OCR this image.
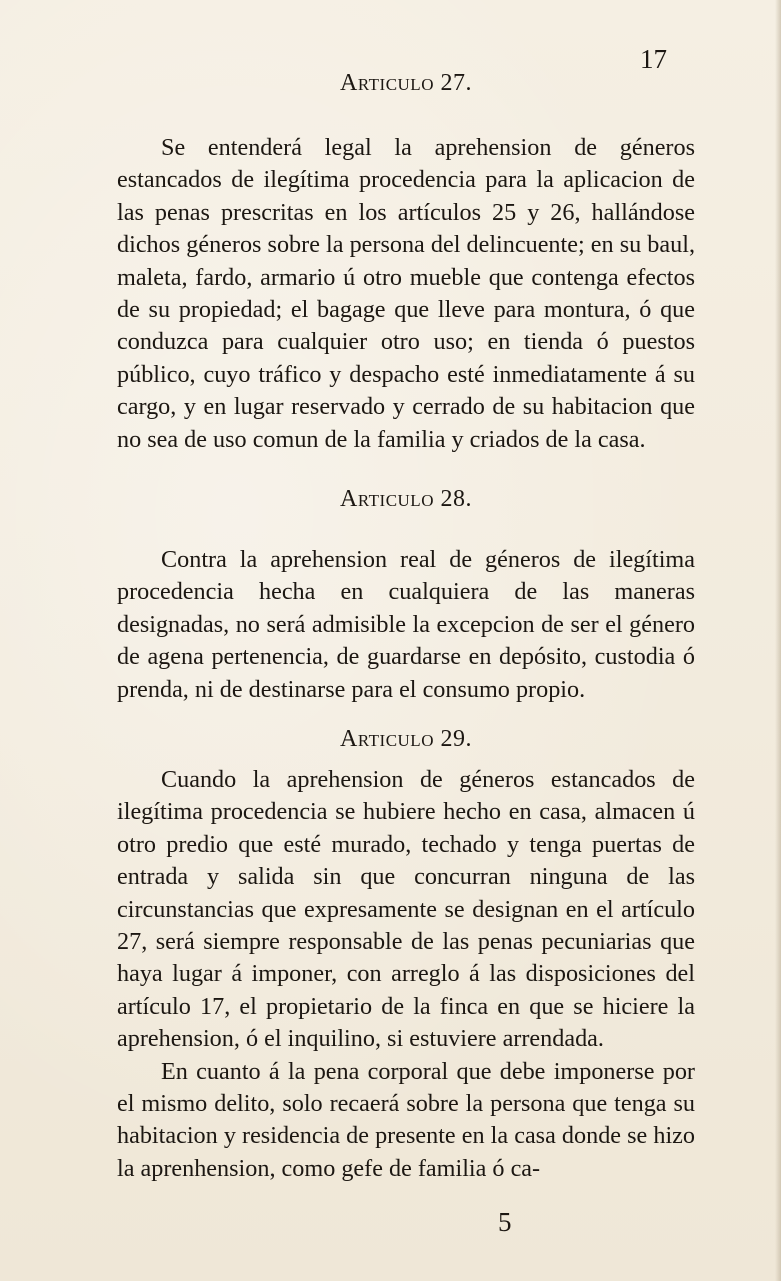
17
Articulo 27.

Se entenderá legal la aprehension de géneros estancados de ilegítima procedencia para la aplicacion de las penas prescritas en los artículos 25 y 26, hallándose dichos géneros sobre la persona del delincuente; en su baul, maleta, fardo, armario ú otro mueble que contenga efectos de su propiedad; el bagage que lleve para montura, ó que conduzca para cualquier otro uso; en tienda ó puestos público, cuyo tráfico y despacho esté inmediatamente á su cargo, y en lugar reservado y cerrado de su habitacion que no sea de uso comun de la familia y criados de la casa.

Articulo 28.

Contra la aprehension real de géneros de ilegítima procedencia hecha en cualquiera de las maneras designadas, no será admisible la excepcion de ser el género de agena pertenencia, de guardarse en depósito, custodia ó prenda, ni de destinarse para el consumo propio.

Articulo 29.

Cuando la aprehension de géneros estancados de ilegítima procedencia se hubiere hecho en casa, almacen ú otro predio que esté murado, techado y tenga puertas de entrada y salida sin que concurran ninguna de las circunstancias que expresamente se designan en el artículo 27, será siempre responsable de las penas pecuniarias que haya lugar á imponer, con arreglo á las disposiciones del artículo 17, el propietario de la finca en que se hiciere la aprehension, ó el inquilino, si estuviere arrendada.

En cuanto á la pena corporal que debe imponerse por el mismo delito, solo recaerá sobre la persona que tenga su habitacion y residencia de presente en la casa donde se hizo la aprenhension, como gefe de familia ó ca-

5
